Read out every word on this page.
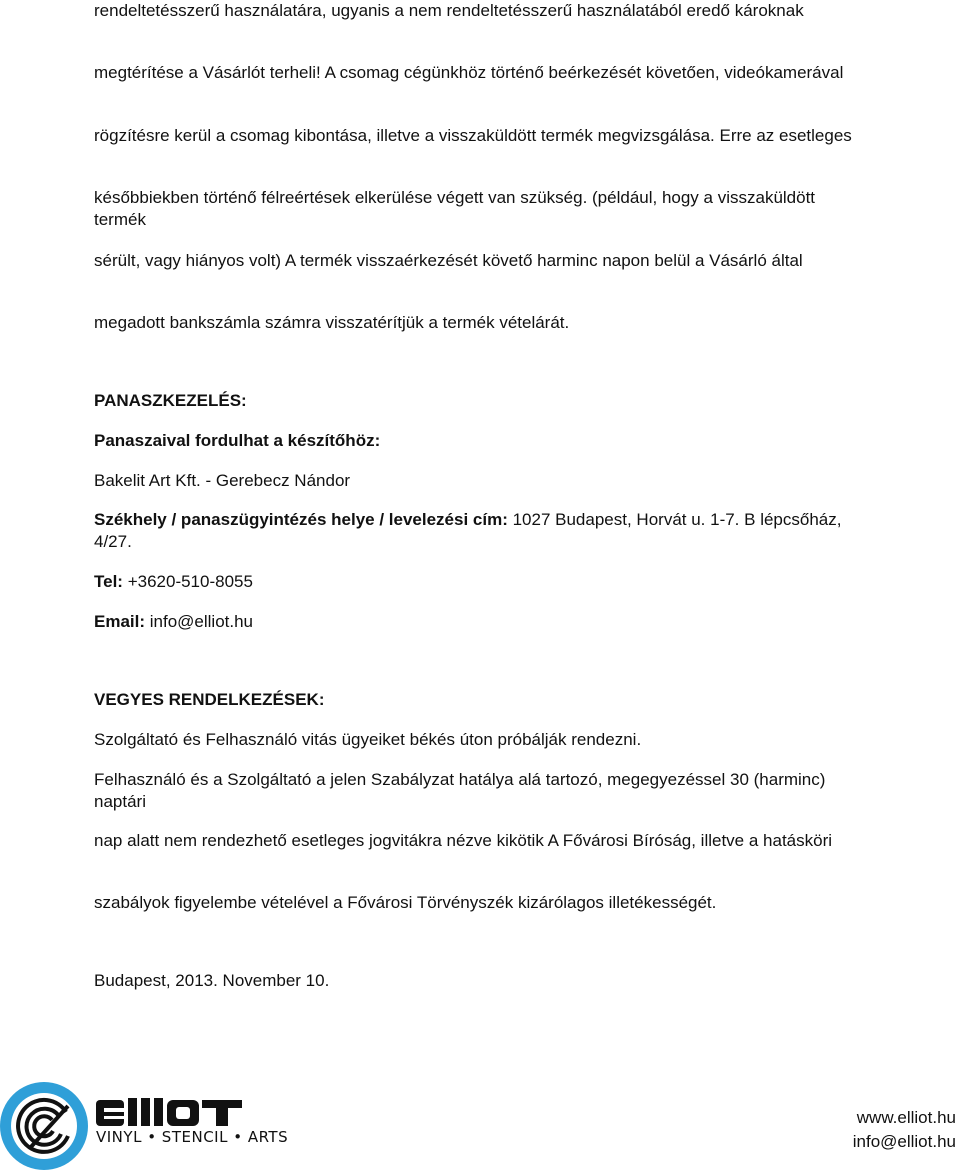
rendeltetésszerű használatára, ugyanis a nem rendeltetésszerű használatából eredő károknak

megtérítése a Vásárlót terheli! A csomag cégünkhöz történő beérkezését követően, videókamerával

rögzítésre kerül a csomag kibontása, illetve a visszaküldött termék megvizsgálása. Erre az esetleges

későbbiekben történő félreértések elkerülése végett van szükség. (például, hogy a visszaküldött termék

sérült, vagy hiányos volt) A termék visszaérkezését követő harminc napon belül a Vásárló által

megadott bankszámla számra visszatérítjük a termék vételárát.

PANASZKEZELÉS:

Panaszaival fordulhat a készítőhöz:

Bakelit Art Kft. - Gerebecz Nándor

Székhely / panaszügyintézés helye / levelezési cím: 1027 Budapest, Horvát u. 1-7. B lépcsőház, 4/27.

Tel: +3620-510-8055

Email: info@elliot.hu

VEGYES RENDELKEZÉSEK:

Szolgáltató és Felhasználó vitás ügyeiket békés úton próbálják rendezni.

Felhasználó és a Szolgáltató a jelen Szabályzat hatálya alá tartozó, megegyezéssel 30 (harminc) naptári

nap alatt nem rendezhető esetleges jogvitákra nézve kikötik A Fővárosi Bíróság, illetve a hatásköri

szabályok figyelembe vételével a Fővárosi Törvényszék kizárólagos illetékességét.

Budapest, 2013. November 10.

VINYL • STENCIL • ARTS
www.elliot.hu
info@elliot.hu
